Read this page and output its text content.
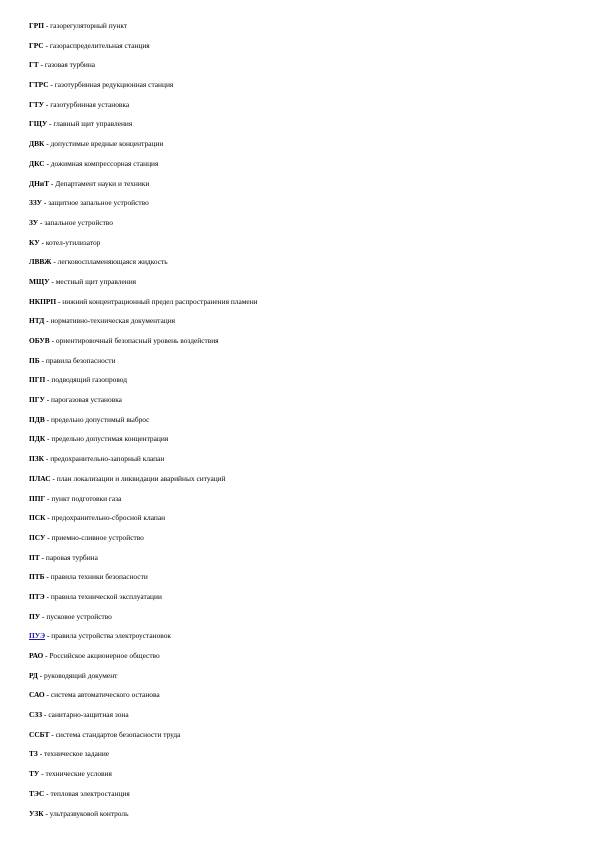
ГРП - газорегуляторный пункт
ГРС - газораспределительная станция
ГТ - газовая турбина
ГТРС - газотурбинная редукционная станция
ГТУ - газотурбинная установка
ГЩУ - главный щит управления
ДВК - допустимые вредные концентрации
ДКС - дожимная компрессорная станция
ДНиТ - Департамент науки и техники
ЗЗУ - защитное запальное устройство
ЗУ - запальное устройство
КУ - котел-утилизатор
ЛВВЖ - легковоспламеняющаяся жидкость
МЩУ - местный щит управления
НКПРП - нижний концентрационный предел распространения пламени
НТД - нормативно-техническая документация
ОБУВ - ориентировочный безопасный уровень воздействия
ПБ - правила безопасности
ПГП - подводящий газопровод
ПГУ - парогазовая установка
ПДВ - предельно допустимый выброс
ПДК - предельно допустимая концентрация
ПЗК - предохранительно-запорный клапан
ПЛАС - план локализации и ликвидации аварийных ситуаций
ППГ - пункт подготовки газа
ПСК - предохранительно-сбросной клапан
ПСУ - приемно-сливное устройство
ПТ - паровая турбина
ПТБ - правила техники безопасности
ПТЭ - правила технической эксплуатации
ПУ - пусковое устройство
ПУЭ - правила устройства электроустановок
РАО - Российское акционерное общество
РД - руководящий документ
САО - система автоматического останова
СЗЗ - санитарно-защитная зона
ССБТ - система стандартов безопасности труда
ТЗ - техническое задание
ТУ - технические условия
ТЭС - тепловая электростанция
УЗК - ультразвуковой контроль
